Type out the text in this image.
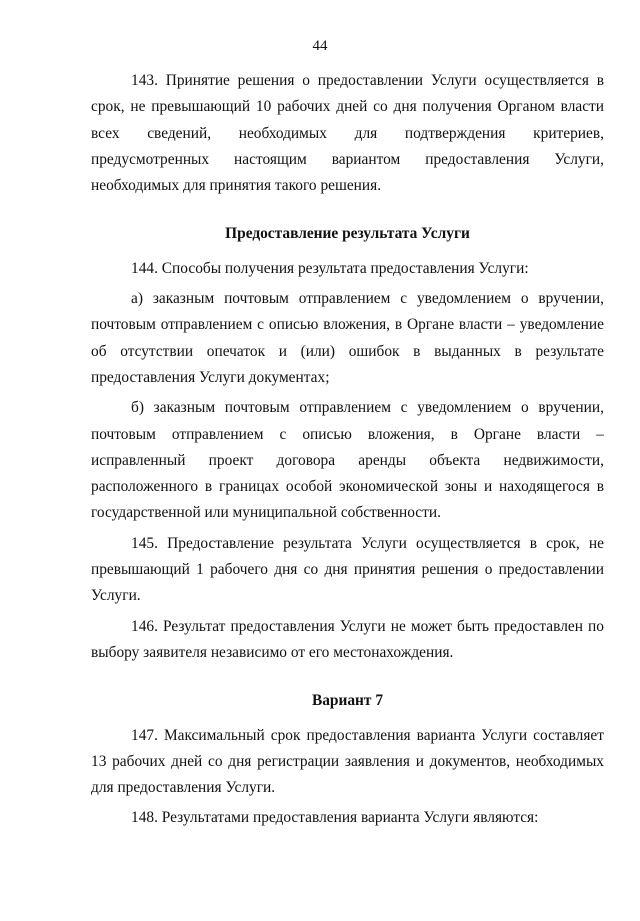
44

143. Принятие решения о предоставлении Услуги осуществляется в срок, не превышающий 10 рабочих дней со дня получения Органом власти всех сведений, необходимых для подтверждения критериев, предусмотренных настоящим вариантом предоставления Услуги, необходимых для принятия такого решения.

Предоставление результата Услуги

144. Способы получения результата предоставления Услуги:

а) заказным почтовым отправлением с уведомлением о вручении, почтовым отправлением с описью вложения, в Органе власти – уведомление об отсутствии опечаток и (или) ошибок в выданных в результате предоставления Услуги документах;

б) заказным почтовым отправлением с уведомлением о вручении, почтовым отправлением с описью вложения, в Органе власти – исправленный проект договора аренды объекта недвижимости, расположенного в границах особой экономической зоны и находящегося в государственной или муниципальной собственности.

145. Предоставление результата Услуги осуществляется в срок, не превышающий 1 рабочего дня со дня принятия решения о предоставлении Услуги.

146. Результат предоставления Услуги не может быть предоставлен по выбору заявителя независимо от его местонахождения.

Вариант 7

147. Максимальный срок предоставления варианта Услуги составляет 13 рабочих дней со дня регистрации заявления и документов, необходимых для предоставления Услуги.

148. Результатами предоставления варианта Услуги являются:
